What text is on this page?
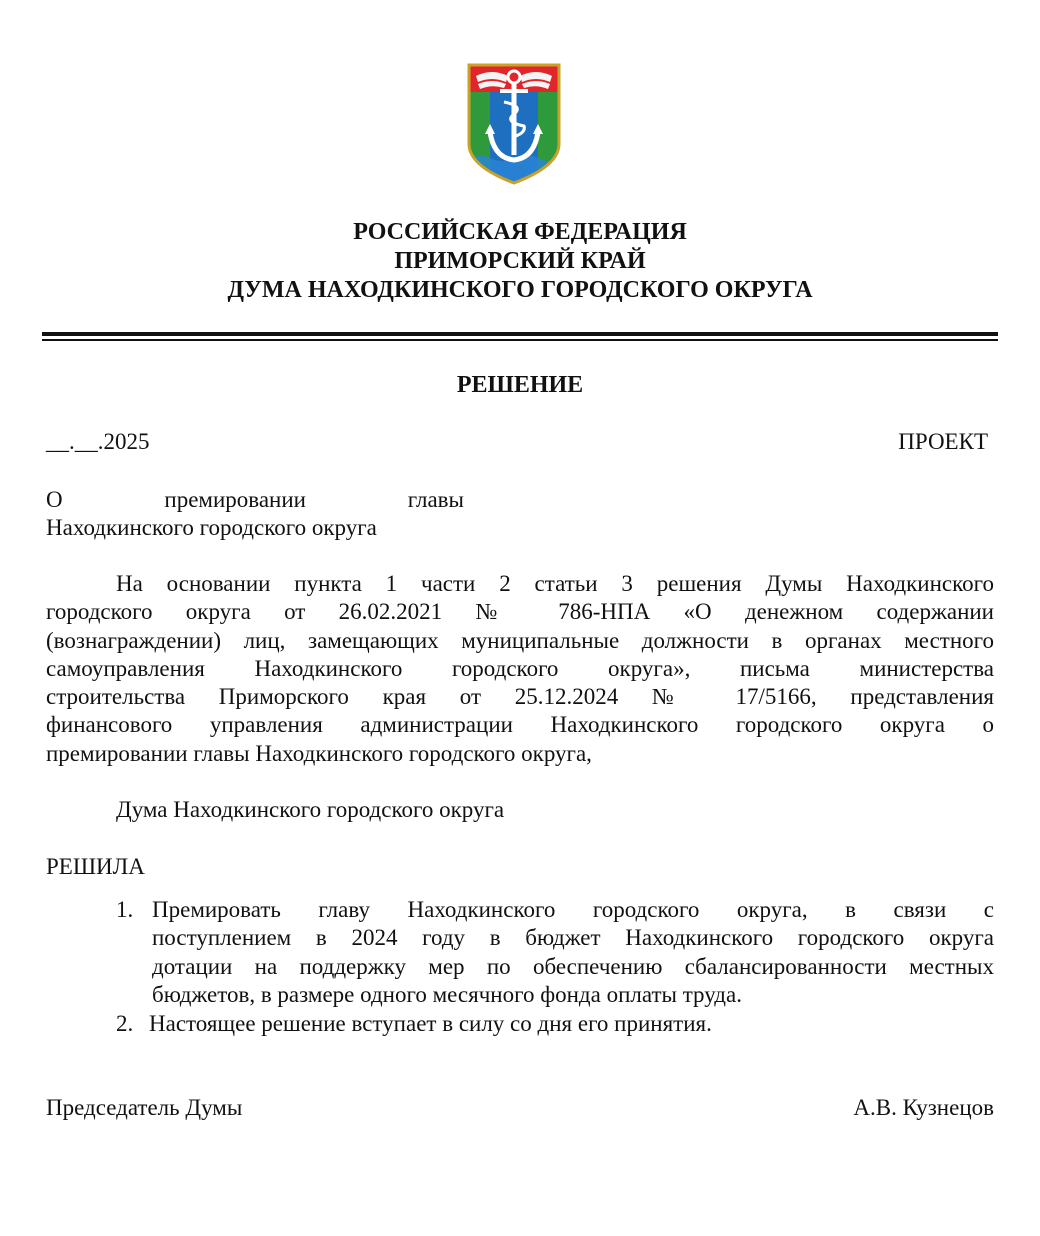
РОССИЙСКАЯ ФЕДЕРАЦИЯ
ПРИМОРСКИЙ КРАЙ
ДУМА НАХОДКИНСКОГО ГОРОДСКОГО ОКРУГА
РЕШЕНИЕ
__.__.2025	ПРОЕКТ
О премировании главы
Находкинского городского округа
На основании пункта 1 части 2 статьи 3 решения Думы Находкинского
городского округа от 26.02.2021 № 786-НПА «О денежном содержании
(вознаграждении) лиц, замещающих муниципальные должности в органах местного
самоуправления Находкинского городского округа», письма министерства
строительства Приморского края от 25.12.2024 № 17/5166, представления
финансового управления администрации Находкинского городского округа о
премировании главы Находкинского городского округа,
Дума Находкинского городского округа
РЕШИЛА
1. Премировать главу Находкинского городского округа, в связи с
поступлением в 2024 году в бюджет Находкинского городского округа
дотации на поддержку мер по обеспечению сбалансированности местных
бюджетов, в размере одного месячного фонда оплаты труда.
2. Настоящее решение вступает в силу со дня его принятия.
Председатель Думы	А.В. Кузнецов
